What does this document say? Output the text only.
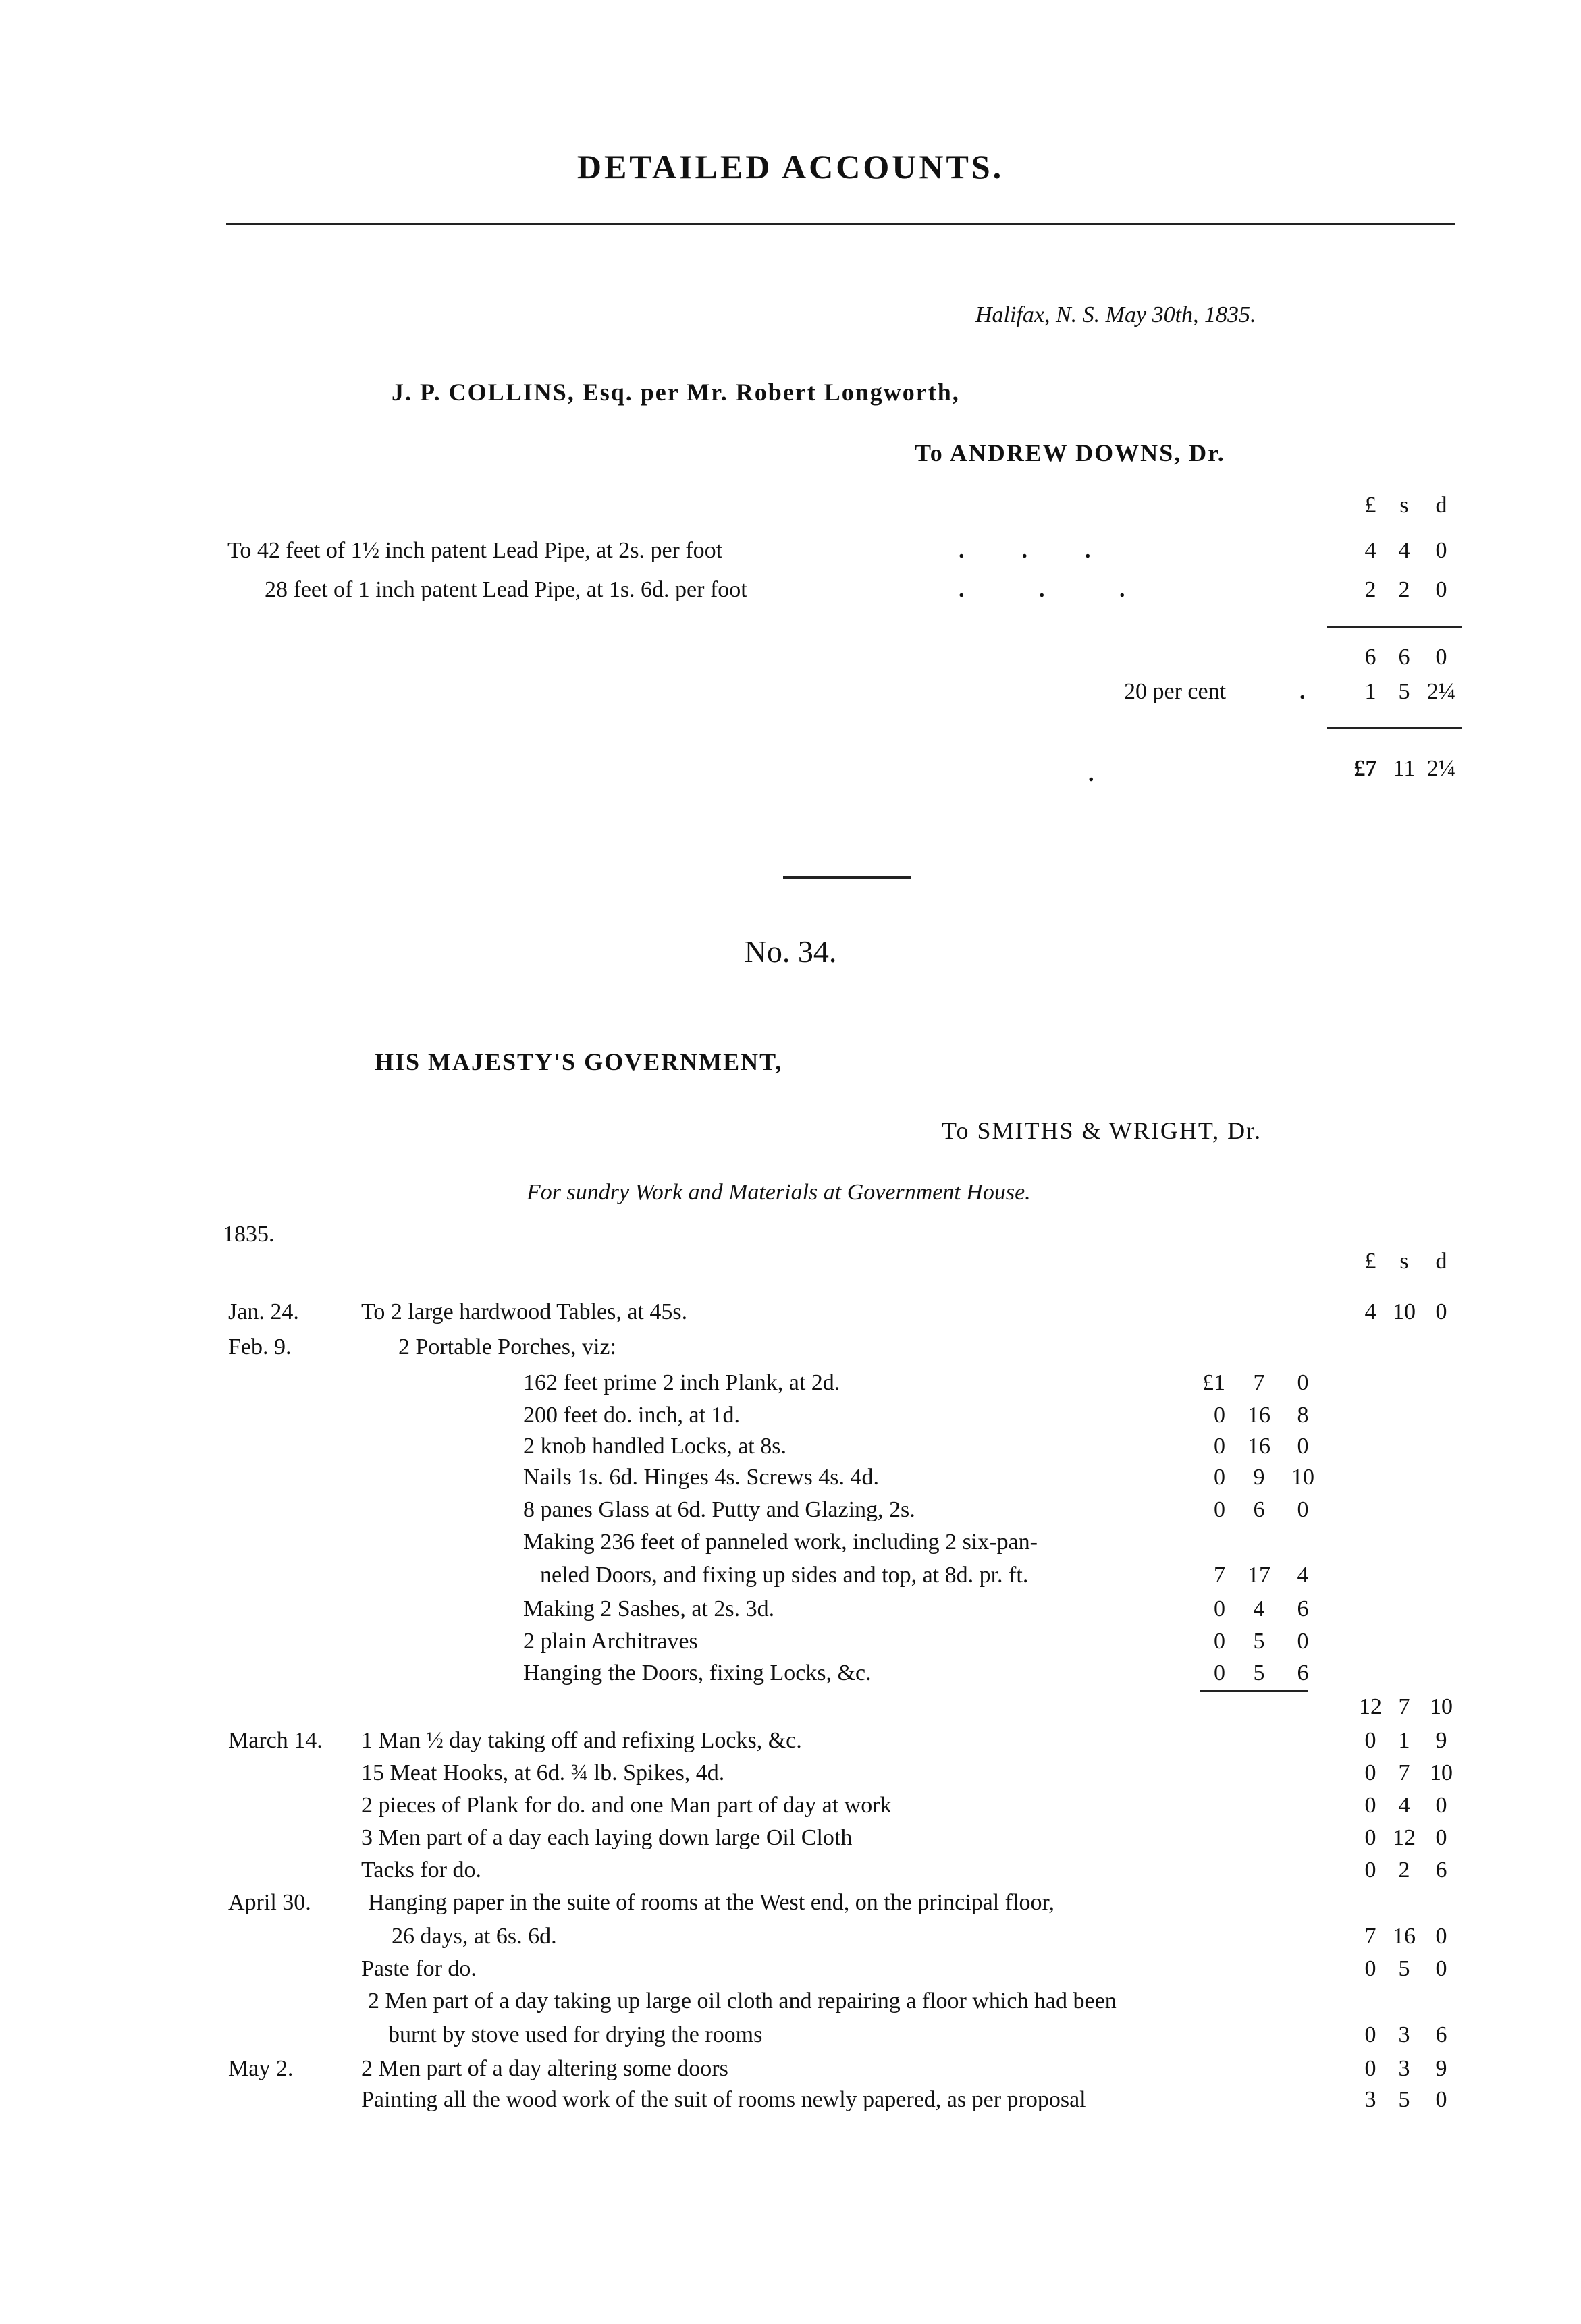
DETAILED ACCOUNTS.
Halifax, N. S. May 30th, 1835.
J. P. COLLINS, Esq. per Mr. Robert Longworth,
To ANDREW DOWNS, Dr.
£	s	d
To 42 feet of 1½ inch patent Lead Pipe, at 2s. per foot	.          .          .	4 4	0
28 feet of 1 inch patent Lead Pipe, at 1s. 6d. per foot	.             .             .	2 2	0
6 6	0
20 per cent	.	1 5 2¼
.	£7 11 2¼
No. 34.
HIS MAJESTY'S GOVERNMENT,
To SMITHS & WRIGHT, Dr.
For sundry Work and Materials at Government House.
1835.
£	s	d
Jan. 24.	To 2 large hardwood Tables, at 45s.	4 10 0
Feb. 9.	2 Portable Porches, viz:
162 feet prime 2 inch Plank, at 2d.	£1	7	0
200 feet do. inch, at 1d.	0 16	8
2 knob handled Locks, at 8s.	0 16	0
Nails 1s. 6d. Hinges 4s. Screws 4s. 4d.	0	9	10
8 panes Glass at 6d. Putty and Glazing, 2s.	0	6	0
Making 236 feet of panneled work, including 2 six-pan-
neled Doors, and fixing up sides and top, at 8d. pr. ft.	7 17	4
Making 2 Sashes, at 2s. 3d.	0	4	6
2 plain Architraves	0	5	0
Hanging the Doors, fixing Locks, &c.	0	5	6
12 7 10
March 14. 1 Man ½ day taking off and refixing Locks, &c.	0 1	9
15 Meat Hooks, at 6d. ¾ lb. Spikes, 4d.	0 7 10
2 pieces of Plank for do. and one Man part of day at work	0 4	0
3 Men part of a day each laying down large Oil Cloth	0 12 0
Tacks for do.	0 2	6
April 30. Hanging paper in the suite of rooms at the West end, on the principal floor,
26 days, at 6s. 6d.	7 16 0
Paste for do.	0 5	0
2 Men part of a day taking up large oil cloth and repairing a floor which had been
burnt by stove used for drying the rooms	0 3	6
May 2.	2 Men part of a day altering some doors	0 3	9
Painting all the wood work of the suit of rooms newly papered, as per proposal	3 5	0
